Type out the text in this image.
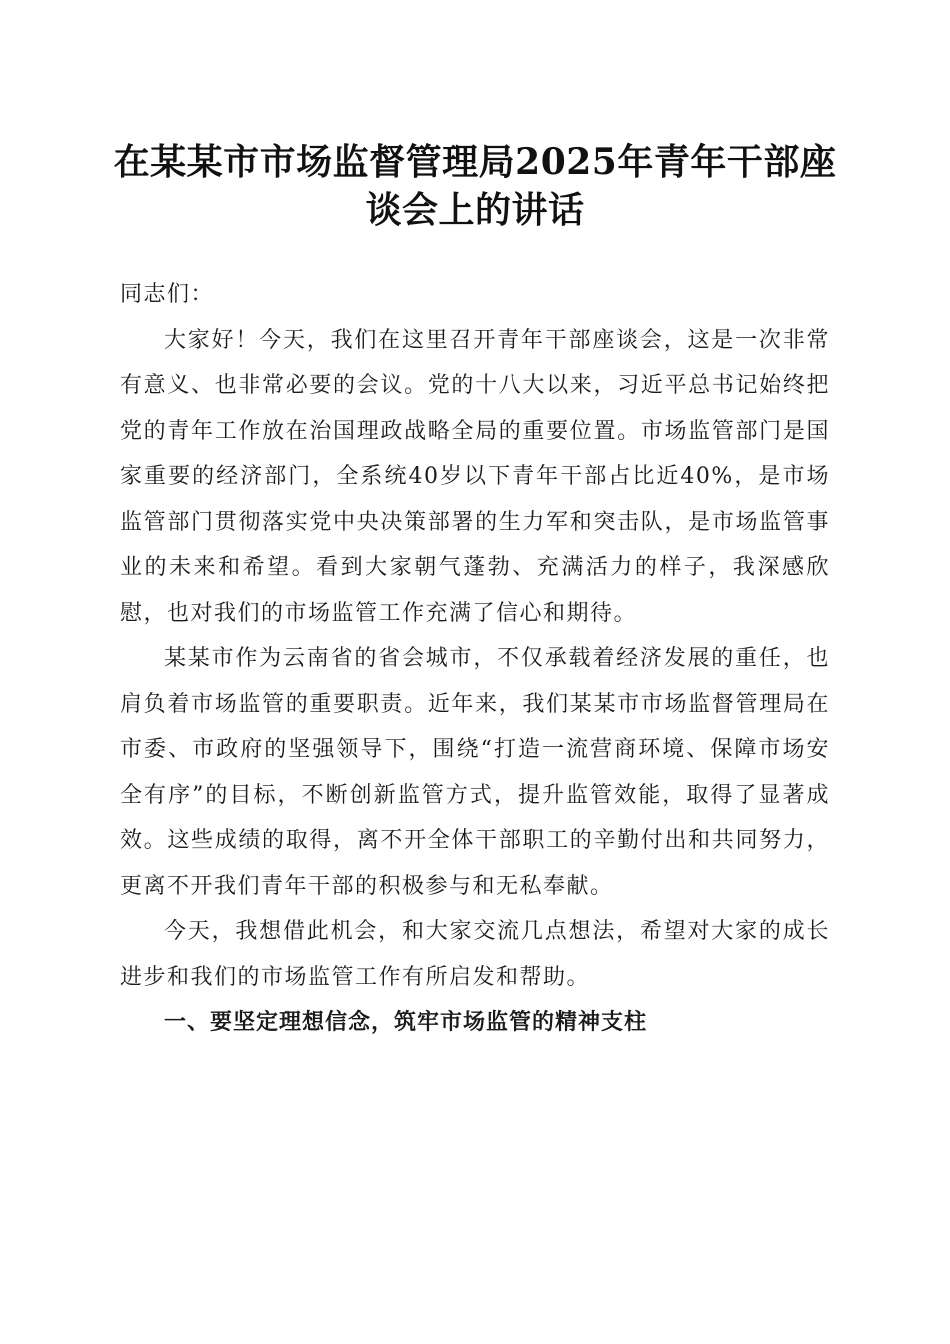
在某某市市场监督管理局2025年青年干部座
谈会上的讲话

同志们：

大家好！今天，我们在这里召开青年干部座谈会，这是一次非常有意义、也非常必要的会议。党的十八大以来，习近平总书记始终把党的青年工作放在治国理政战略全局的重要位置。市场监管部门是国家重要的经济部门，全系统40岁以下青年干部占比近40%，是市场监管部门贯彻落实党中央决策部署的生力军和突击队，是市场监管事业的未来和希望。看到大家朝气蓬勃、充满活力的样子，我深感欣慰，也对我们的市场监管工作充满了信心和期待。

某某市作为云南省的省会城市，不仅承载着经济发展的重任，也肩负着市场监管的重要职责。近年来，我们某某市市场监督管理局在市委、市政府的坚强领导下，围绕“打造一流营商环境、保障市场安全有序”的目标，不断创新监管方式，提升监管效能，取得了显著成效。这些成绩的取得，离不开全体干部职工的辛勤付出和共同努力，更离不开我们青年干部的积极参与和无私奉献。

今天，我想借此机会，和大家交流几点想法，希望对大家的成长进步和我们的市场监管工作有所启发和帮助。

一、要坚定理想信念，筑牢市场监管的精神支柱
